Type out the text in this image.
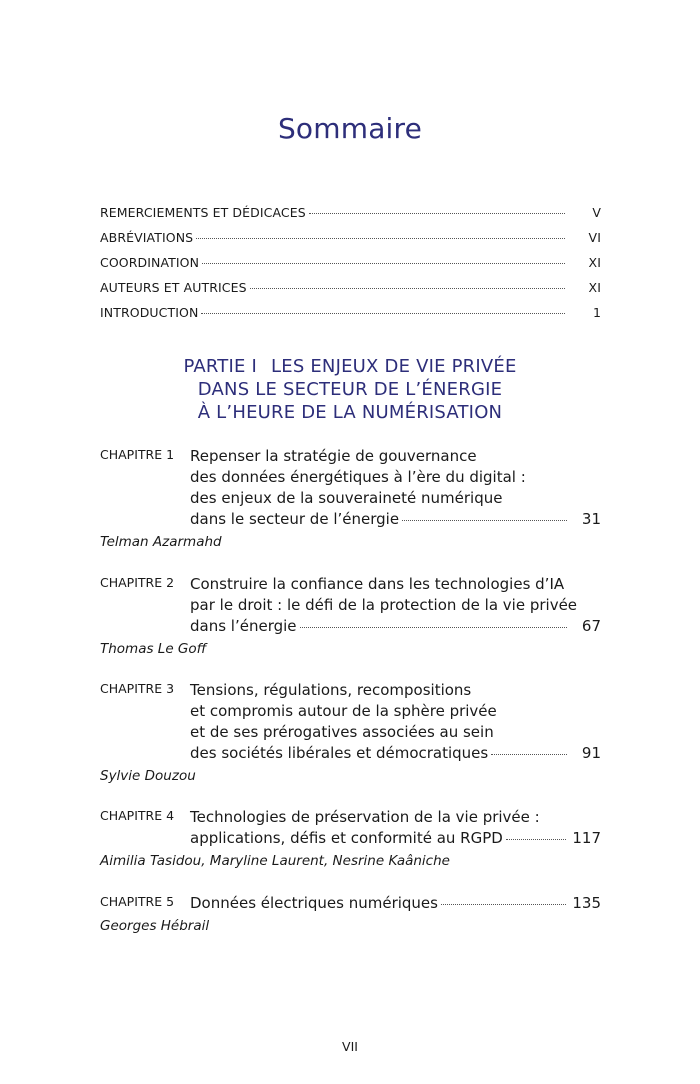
Sommaire
REMERCIEMENTS ET DÉDICACES	V
ABRÉVIATIONS	VI
COORDINATION	XI
AUTEURS ET AUTRICES	XI
INTRODUCTION	1
PARTIE I LES ENJEUX DE VIE PRIVÉE
DANS LE SECTEUR DE L’ÉNERGIE
À L’HEURE DE LA NUMÉRISATION
CHAPITRE 1 Repenser la stratégie de gouvernance
des données énergétiques à l’ère du digital :
des enjeux de la souveraineté numérique
dans le secteur de l’énergie	31
Telman Azarmahd
CHAPITRE 2 Construire la confiance dans les technologies d’IA
par le droit : le défi de la protection de la vie privée
dans l’énergie	67
Thomas Le Goff
CHAPITRE 3 Tensions, régulations, recompositions
et compromis autour de la sphère privée
et de ses prérogatives associées au sein
des sociétés libérales et démocratiques	91
Sylvie Douzou
CHAPITRE 4 Technologies de préservation de la vie privée :
applications, défis et conformité au RGPD	117
Aimilia Tasidou, Maryline Laurent, Nesrine Kaâniche
CHAPITRE 5 Données électriques numériques	135
Georges Hébrail
VII
